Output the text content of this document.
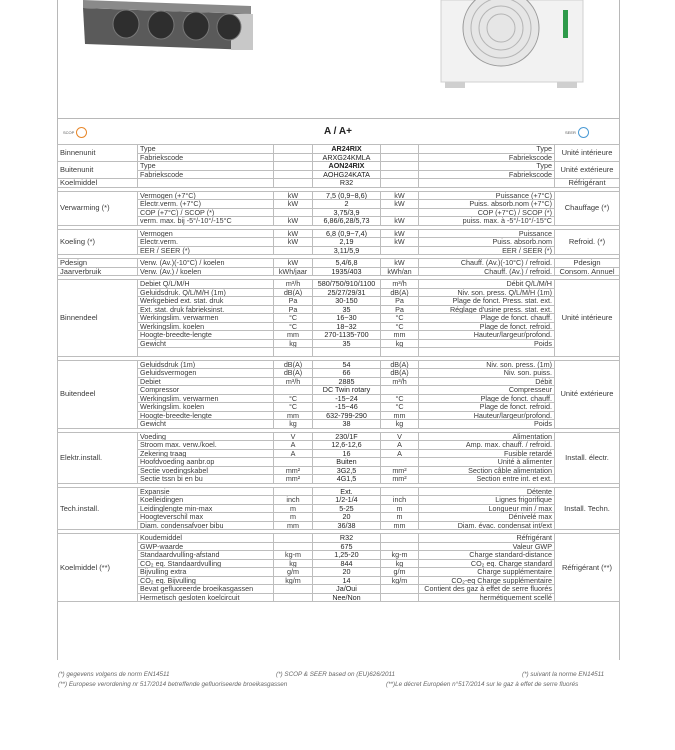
SCOP	A / A+	SEER
Binnenunit	Type		AR24RIX		Type	Unité intérieure
	Fabriekscode		ARXG24KMLA		Fabriekscode	
Buitenunit	Type		AON24RIX		Type	Unité extérieure
	Fabriekscode		AOHG24KATA		Fabriekscode	
Koelmiddel			R32			Réfrigérant

Verwarming (*)	Vermogen (+7°C)	kW	7,5 (0,9~8,6)	kW	Puissance (+7°C)	Chauffage (*)
	Electr.verm. (+7°C)	kW	2	kW	Puiss. absorb.nom (+7°C)	
	COP (+7°C) / SCOP (*)		3,75/3,9		COP (+7°C) / SCOP (*)	
	verm. max. bij -5°/-10°/-15°C	kW	6,86/6,28/5,73	kW	puiss. max. à -5°/-10°/-15°C	

Koeling (*)	Vermogen	kW	6,8 (0,9~7,4)	kW	Puissance	Refroid. (*)
	Electr.verm.	kW	2,19	kW	Puiss. absorb.nom	
	EER / SEER (*)		3,11/5,9		EER / SEER (*)	

Pdesign	Verw. (Av.)(-10°C) / koelen	kW	5,4/6,8	kW	Chauff. (Av.)(-10°C) / refroid.	Pdesign
Jaarverbruik	Verw. (Av.) / koelen	kWh/jaar	1935/403	kWh/an	Chauff. (Av.) / refroid.	Consom. Annuel

Binnendeel	Debiet Q/L/M/H	m³/h	580/750/910/1100	m³/h	Débit Q/L/M/H	Unité intérieure
	Geluidsdruk. Q/L/M/H (1m)	dB(A)	25/27/29/31	dB(A)	Niv. son. press. Q/L/M/H (1m)	
	Werkgebied ext. stat. druk	Pa	30-150	Pa	Plage de fonct. Press. stat. ext.	
	Ext. stat. druk fabrieksinst.	Pa	35	Pa	Réglage d'usine press. stat. ext.	
	Werkingslim. verwarmen	°C	16~30	°C	Plage de fonct. chauff.	
	Werkingslim. koelen	°C	18~32	°C	Plage de fonct. refroid.	
	Hoogte-breedte-lengte	mm	270-1135-700	mm	Hauteur/largeur/profond.	
	Gewicht	kg	35	kg	Poids	

Buitendeel	Geluidsdruk (1m)	dB(A)	54	dB(A)	Niv. son. press. (1m)	Unité extérieure
	Geluidsvermogen	dB(A)	66	dB(A)	Niv. son. puiss.	
	Debiet	m³/h	2885	m³/h	Débit	
	Compressor		DC Twin rotary		Compresseur	
	Werkingslim. verwarmen	°C	-15~24	°C	Plage de fonct. chauff.	
	Werkingslim. koelen	°C	-15~46	°C	Plage de fonct. refroid.	
	Hoogte-breedte-lengte	mm	632-799-290	mm	Hauteur/largeur/profond.	
	Gewicht	kg	38	kg	Poids	

Elektr.install.	Voeding	V	230/1F	V	Alimentation	Install. électr.
	Stroom max. verw./koel.	A	12,6-12,6	A	Amp. max. chauff. / refroid.	
	Zekering traag	A	16	A	Fusible retardé	
	Hoofdvoeding aanbr.op		Buiten		Unité à alimenter	
	Sectie voedingskabel	mm²	3G2,5	mm²	Section câble alimentation	
	Sectie tssn bi en bu	mm²	4G1,5	mm²	Section entre int. et ext.	

Tech.install.	Expansie		Ext.		Détente	Install. Techn.
	Koelleidingen	inch	1/2-1/4	inch	Lignes frigorifique	
	Leidinglengte min-max	m	5-25	m	Longueur min / max	
	Hoogteverschil max	m	20	m	Dénivelé max	
	Diam. condensafvoer bibu	mm	36/38	mm	Diam. évac. condensat int/ext	

Koelmiddel (**)	Koudemiddel		R32		Réfrigérant	Réfrigérant (**)
	GWP-waarde		675		Valeur GWP	
	Standaardvulling-afstand	kg-m	1,25-20	kg-m	Charge standard-distance	
	CO₂ eq. Standaardvulling	kg	844	kg	CO₂ eq. Charge standard	
	Bijvulling extra	g/m	20	g/m	Charge supplémentaire	
	CO₂ eq. Bijvulling	kg/m	14	kg/m	CO₂-eq Charge supplémentaire	
	Bevat gefluoreerde broeikasgassen		Ja/Oui		Contient des gaz à effet de serre fluorés	
	Hermetisch gesloten koelcircuit		Nee/Non		hermétiquement scellé	
(*) gegevens volgens de norm EN14511	(*) SCOP & SEER based on (EU)626/2011	(*) suivant la norme EN14511
(**) Europese verordening nr 517/2014 betreffende gefluoriseerde broeikasgassen	(**)Le décret Européen n°517/2014 sur le gaz à effet de serre fluorés
